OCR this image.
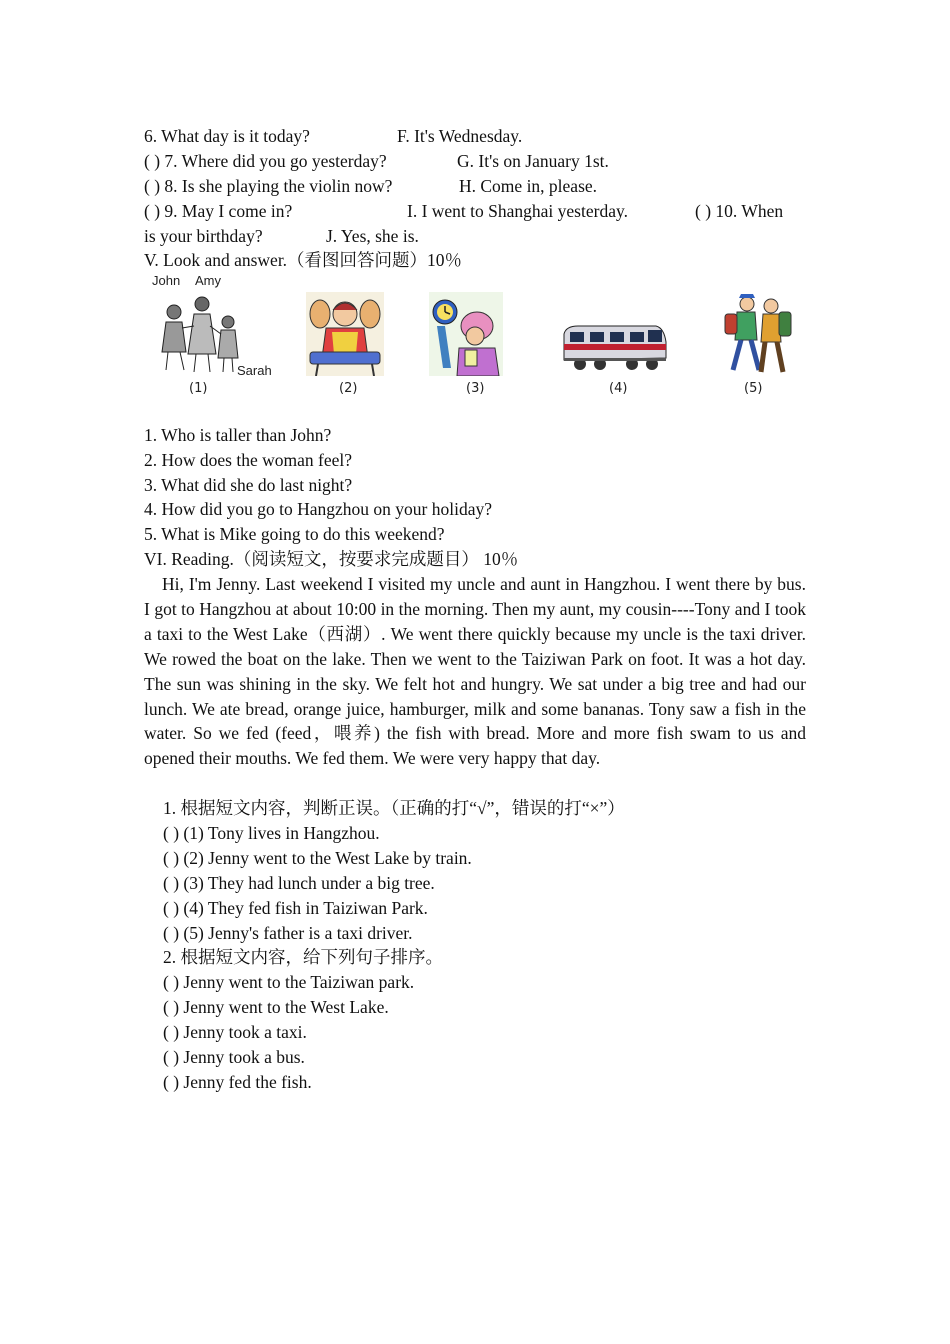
6. What day is it today?	F. It's Wednesday.
( ) 7. Where did you go yesterday?	G. It's on January 1st.
( ) 8. Is she playing the violin now?	H. Come in, please.
( ) 9. May I come in?	I. I went to Shanghai yesterday.	( ) 10. When
is your birthday?	J. Yes, she is.
V. Look and answer.（看图回答问题）10％
John Amy
Sarah
(1)	(2)	(3)	(4)	(5)
1. Who is taller than John?
2. How does the woman feel?
3. What did she do last night?
4. How did you go to Hangzhou on your holiday?
5. What is Mike going to do this weekend?
VI. Reading.（阅读短文，按要求完成题目） 10％
Hi, I'm Jenny. Last weekend I visited my uncle and aunt in Hangzhou. I went there by bus. I got to Hangzhou at about 10:00 in the morning. Then my aunt, my cousin----Tony and I took a taxi to the West Lake（西湖）. We went there quickly because my uncle is the taxi driver. We rowed the boat on the lake. Then we went to the Taiziwan Park on foot. It was a hot day. The sun was shining in the sky. We felt hot and hungry. We sat under a big tree and had our lunch. We ate bread, orange juice, hamburger, milk and some bananas. Tony saw a fish in the water. So we fed (feed，喂养) the fish with bread. More and more fish swam to us and opened their mouths. We fed them. We were very happy that day.
1. 根据短文内容，判断正误。（正确的打“√”，错误的打“×”）
( ) (1) Tony lives in Hangzhou.
( ) (2) Jenny went to the West Lake by train.
( ) (3) They had lunch under a big tree.
( ) (4) They fed fish in Taiziwan Park.
( ) (5) Jenny's father is a taxi driver.
2. 根据短文内容，给下列句子排序。
( ) Jenny went to the Taiziwan park.
( ) Jenny went to the West Lake.
( ) Jenny took a taxi.
( ) Jenny took a bus.
( ) Jenny fed the fish.
